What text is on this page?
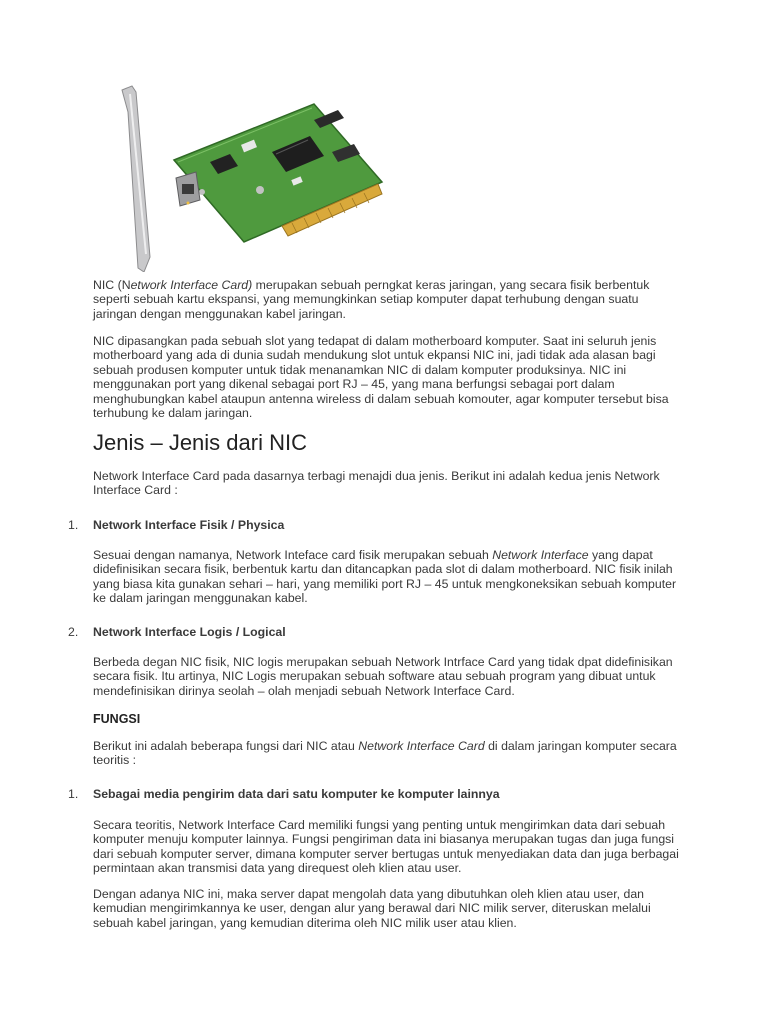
NIC (Network Interface Card) merupakan sebuah perngkat keras jaringan, yang secara fisik berbentuk seperti sebuah kartu ekspansi, yang memungkinkan setiap komputer dapat terhubung dengan suatu jaringan dengan menggunakan kabel jaringan.

NIC dipasangkan pada sebuah slot yang tedapat di dalam motherboard komputer. Saat ini seluruh jenis motherboard yang ada di dunia sudah mendukung slot untuk ekpansi NIC ini, jadi tidak ada alasan bagi sebuah produsen komputer untuk tidak menanamkan NIC di dalam komputer produksinya. NIC ini menggunakan port yang dikenal sebagai port RJ – 45, yang mana berfungsi sebagai port dalam menghubungkan kabel ataupun antenna wireless di dalam sebuah komouter, agar komputer tersebut bisa terhubung ke dalam jaringan.

Jenis – Jenis dari NIC

Network Interface Card pada dasarnya terbagi menajdi dua jenis. Berikut ini adalah kedua jenis Network Interface Card :

1. Network Interface Fisik / Physica

Sesuai dengan namanya, Network Inteface card fisik merupakan sebuah Network Interface yang dapat didefinisikan secara fisik, berbentuk kartu dan ditancapkan pada slot di dalam motherboard. NIC fisik inilah yang biasa kita gunakan sehari – hari, yang memiliki port RJ – 45 untuk mengkoneksikan sebuah komputer ke dalam jaringan menggunakan kabel.

2. Network Interface Logis / Logical

Berbeda degan NIC fisik, NIC logis merupakan sebuah Network Intrface Card yang tidak dpat didefinisikan secara fisik. Itu artinya, NIC Logis merupakan sebuah software atau sebuah program yang dibuat untuk mendefinisikan dirinya seolah – olah menjadi sebuah Network Interface Card.

FUNGSI

Berikut ini adalah beberapa fungsi dari NIC atau Network Interface Card di dalam jaringan komputer secara teoritis :

1. Sebagai media pengirim data dari satu komputer ke komputer lainnya

Secara teoritis, Network Interface Card memiliki fungsi yang penting untuk mengirimkan data dari sebuah komputer menuju komputer lainnya. Fungsi pengiriman data ini biasanya merupakan tugas dan juga fungsi dari sebuah komputer server, dimana komputer server bertugas untuk menyediakan data dan juga berbagai permintaan akan transmisi data yang direquest oleh klien atau user.

Dengan adanya NIC ini, maka server dapat mengolah data yang dibutuhkan oleh klien atau user, dan kemudian mengirimkannya ke user, dengan alur yang berawal dari NIC milik server, diteruskan melalui sebuah kabel jaringan, yang kemudian diterima oleh NIC milik user atau klien.
